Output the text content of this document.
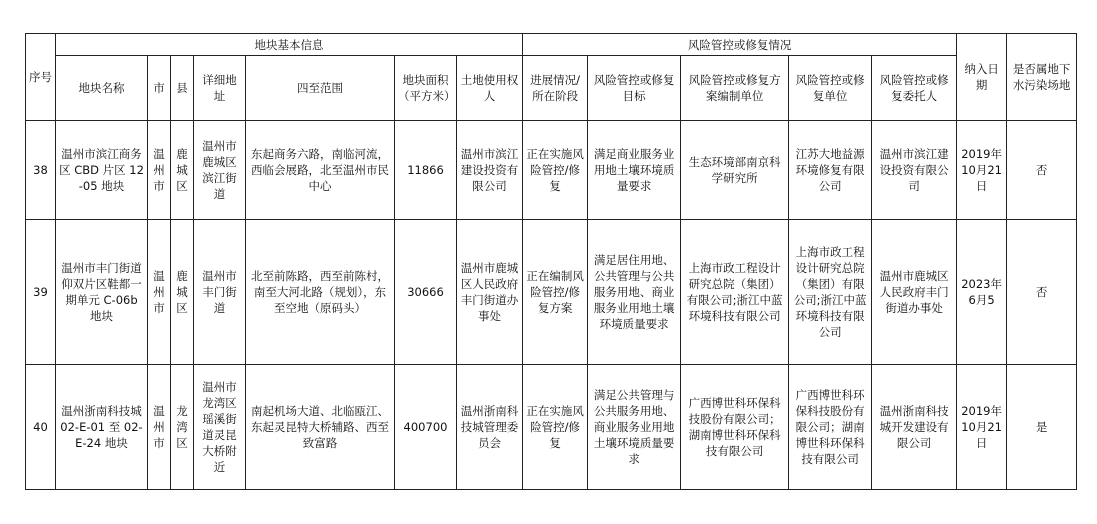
序号	地块基本信息							风险管控或修复情况					纳入日期	是否属地下水污染场地
	地块名称	市	县	详细地址	四至范围	地块面积（平方米）	土地使用权人	进展情况/所在阶段	风险管控或修复目标	风险管控或修复方案编制单位	风险管控或修复单位	风险管控或修复委托人		
38	温州市滨江商务区 CBD 片区 12-05 地块	温州市	鹿城区	温州市鹿城区滨江街道	东起商务六路，南临河流，西临会展路，北至温州市民中心	11866	温州市滨江建设投资有限公司	正在实施风险管控/修复	满足商业服务业用地土壤环境质量要求	生态环境部南京科学研究所	江苏大地益源环境修复有限公司	温州市滨江建设投资有限公司	2019年10月21日	否
39	温州市丰门街道仰双片区鞋都一期单元 C-06b 地块	温州市	鹿城区	温州市丰门街道	北至前陈路，西至前陈村，南至大河北路（规划），东至空地（原码头）	30666	温州市鹿城区人民政府丰门街道办事处	正在编制风险管控/修复方案	满足居住用地、公共管理与公共服务用地、商业服务业用地土壤环境质量要求	上海市政工程设计研究总院（集团）有限公司;浙江中蓝环境科技有限公司	上海市政工程设计研究总院（集团）有限公司;浙江中蓝环境科技有限公司	温州市鹿城区人民政府丰门街道办事处	2023年6月5	否
40	温州浙南科技城 02-E-01 至 02-E-24 地块	温州市	龙湾区	温州市龙湾区瑶溪街道灵昆大桥附近	南起机场大道、北临瓯江、东起灵昆特大桥辅路、西至致富路	400700	温州浙南科技城管理委员会	正在实施风险管控/修复	满足公共管理与公共服务用地、商业服务业用地土壤环境质量要求	广西博世科环保科技股份有限公司；湖南博世科环保科技有限公司	广西博世科环保科技股份有限公司；湖南博世科环保科技有限公司	温州浙南科技城开发建设有限公司	2019年10月21日	是
